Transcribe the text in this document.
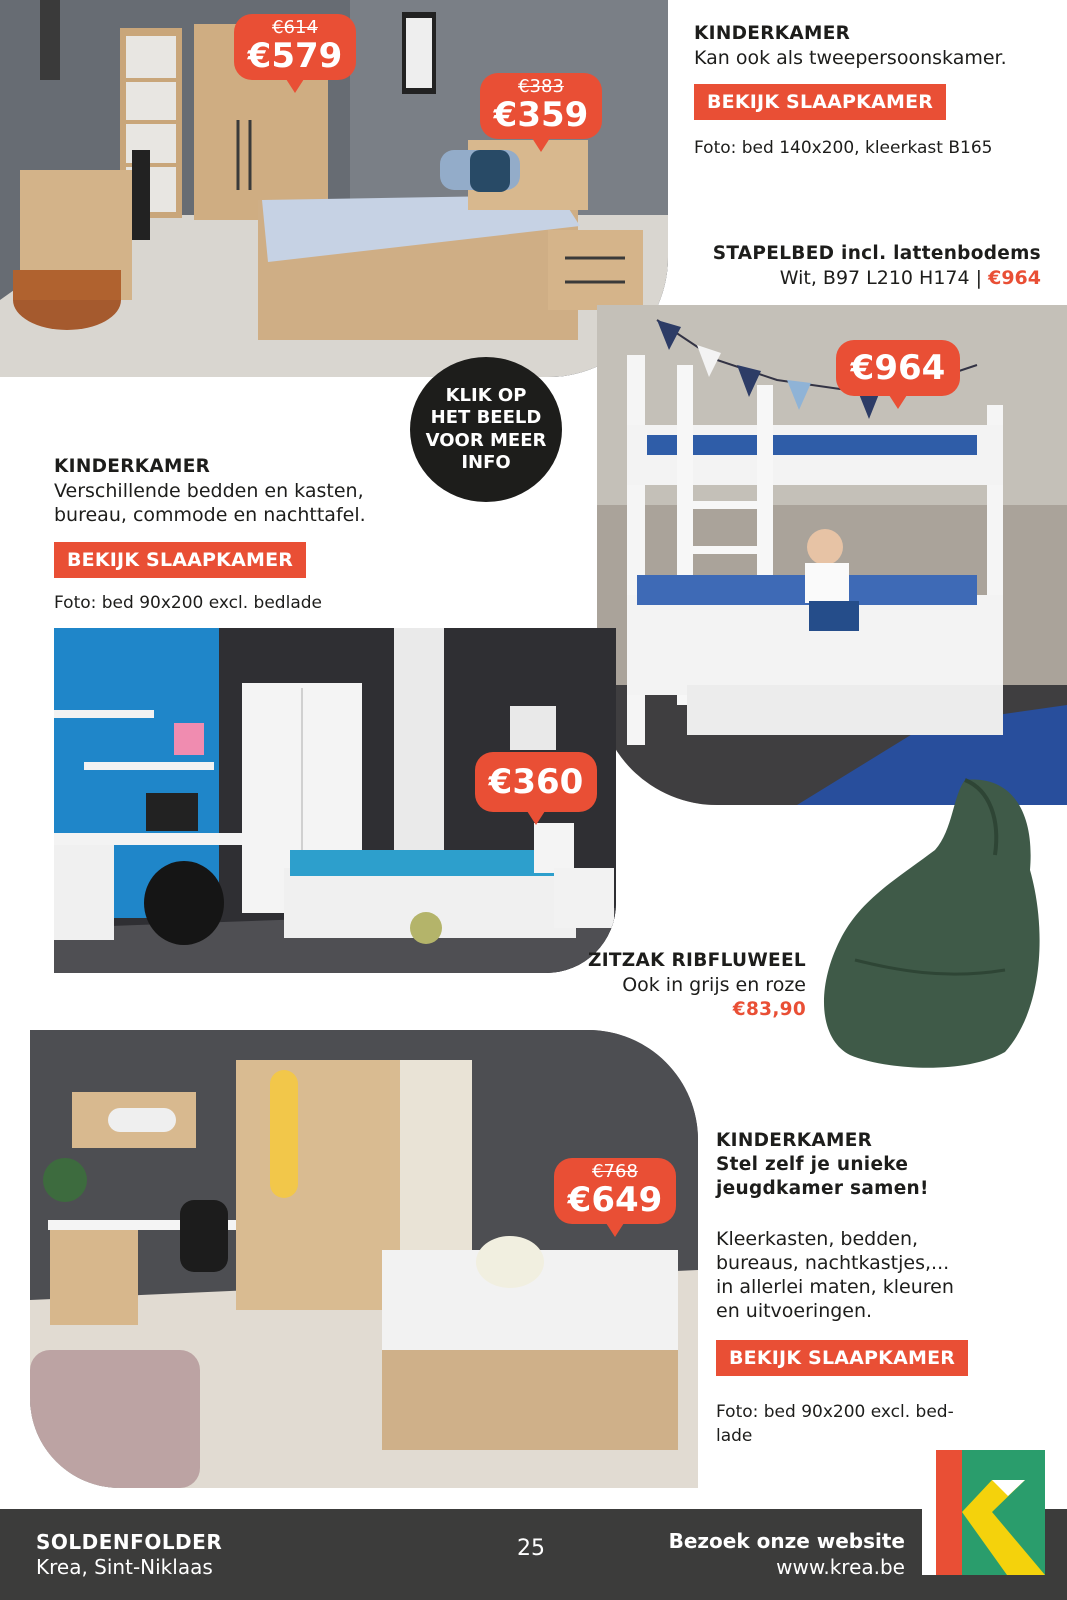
€614
€579
€383
€359
KINDERKAMER
Kan ook als tweepersoonskamer.
BEKIJK SLAAPKAMER
Foto: bed 140x200, kleerkast B165
STAPELBED incl. lattenbodems
Wit, B97 L210 H174 | €964
€964
KLIK OP
HET BEELD
VOOR MEER
INFO
KINDERKAMER
Verschillende bedden en kasten,
bureau, commode en nachttafel.
BEKIJK SLAAPKAMER
Foto: bed 90x200 excl. bedlade
€360
ZITZAK RIBFLUWEEL
Ook in grijs en roze
€83,90
€768
€649
KINDERKAMER
Stel zelf je unieke
jeugdkamer samen!
Kleerkasten, bedden,
bureaus, nachtkastjes,...
in allerlei maten, kleuren
en uitvoeringen.
BEKIJK SLAAPKAMER
Foto: bed 90x200 excl. bed-
lade
SOLDENFOLDER
Krea, Sint-Niklaas
25	Bezoek onze website
www.krea.be
